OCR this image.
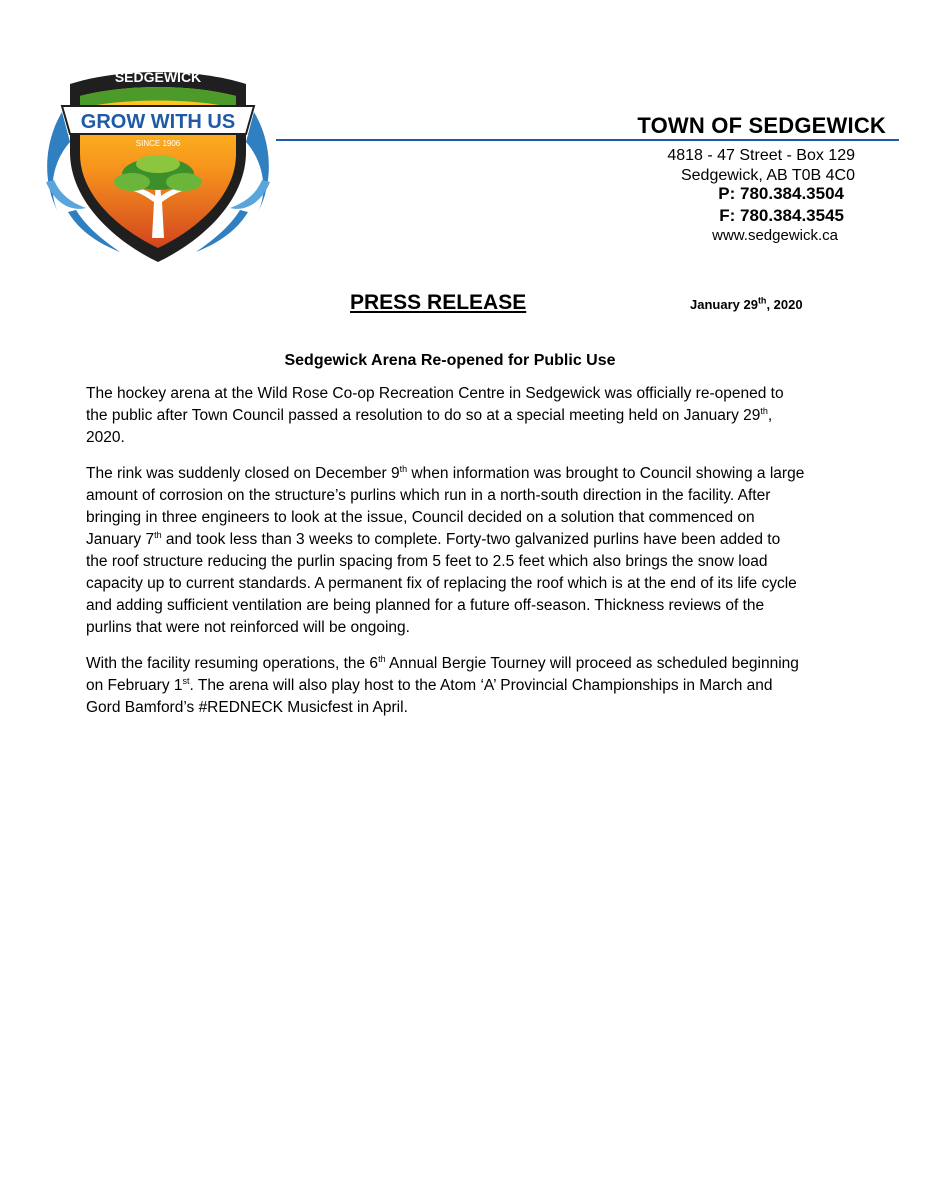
SEDGEWICK
GROW WITH US
SINCE 1906
TOWN OF SEDGEWICK
4818 - 47 Street - Box 129
Sedgewick, AB T0B 4C0
P: 780.384.3504
F: 780.384.3545
www.sedgewick.ca
PRESS RELEASE	January 29th, 2020
Sedgewick Arena Re-opened for Public Use

The hockey arena at the Wild Rose Co-op Recreation Centre in Sedgewick was officially re-opened to the public after Town Council passed a resolution to do so at a special meeting held on January 29th, 2020.

The rink was suddenly closed on December 9th when information was brought to Council showing a large amount of corrosion on the structure’s purlins which run in a north-south direction in the facility. After bringing in three engineers to look at the issue, Council decided on a solution that commenced on January 7th and took less than 3 weeks to complete. Forty-two galvanized purlins have been added to the roof structure reducing the purlin spacing from 5 feet to 2.5 feet which also brings the snow load capacity up to current standards. A permanent fix of replacing the roof which is at the end of its life cycle and adding sufficient ventilation are being planned for a future off-season. Thickness reviews of the purlins that were not reinforced will be ongoing.

With the facility resuming operations, the 6th Annual Bergie Tourney will proceed as scheduled beginning on February 1st. The arena will also play host to the Atom ‘A’ Provincial Championships in March and Gord Bamford’s #REDNECK Musicfest in April.
